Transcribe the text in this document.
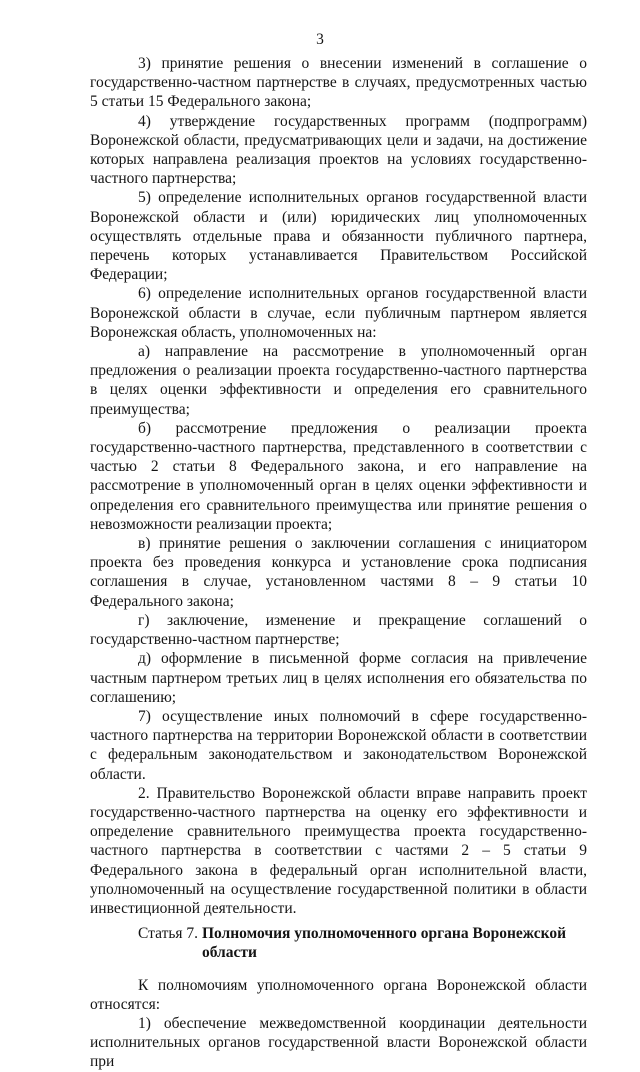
3

3) принятие решения о внесении изменений в соглашение о государственно-частном партнерстве в случаях, предусмотренных частью 5 статьи 15 Федерального закона;

4) утверждение государственных программ (подпрограмм) Воронежской области, предусматривающих цели и задачи, на достижение которых направлена реализация проектов на условиях государственно-частного партнерства;

5) определение исполнительных органов государственной власти Воронежской области и (или) юридических лиц уполномоченных осуществлять отдельные права и обязанности публичного партнера, перечень которых устанавливается Правительством Российской Федерации;

6) определение исполнительных органов государственной власти Воронежской области в случае, если публичным партнером является Воронежская область, уполномоченных на:

а) направление на рассмотрение в уполномоченный орган предложения о реализации проекта государственно-частного партнерства в целях оценки эффективности и определения его сравнительного преимущества;

б) рассмотрение предложения о реализации проекта государственно-частного партнерства, представленного в соответствии с частью 2 статьи 8 Федерального закона, и его направление на рассмотрение в уполномоченный орган в целях оценки эффективности и определения его сравнительного преимущества или принятие решения о невозможности реализации проекта;

в) принятие решения о заключении соглашения с инициатором проекта без проведения конкурса и установление срока подписания соглашения в случае, установленном частями 8 – 9 статьи 10 Федерального закона;

г) заключение, изменение и прекращение соглашений о государственно-частном партнерстве;

д) оформление в письменной форме согласия на привлечение частным партнером третьих лиц в целях исполнения его обязательства по соглашению;

7) осуществление иных полномочий в сфере государственно-частного партнерства на территории Воронежской области в соответствии с федеральным законодательством и законодательством Воронежской области.

2. Правительство Воронежской области вправе направить проект государственно-частного партнерства на оценку его эффективности и определение сравнительного преимущества проекта государственно-частного партнерства в соответствии с частями 2 – 5 статьи 9 Федерального закона в федеральный орган исполнительной власти, уполномоченный на осуществление государственной политики в области инвестиционной деятельности.

Статья 7. Полномочия уполномоченного органа Воронежской
области

К полномочиям уполномоченного органа Воронежской области относятся:

1) обеспечение межведомственной координации деятельности исполнительных органов государственной власти Воронежской области при
